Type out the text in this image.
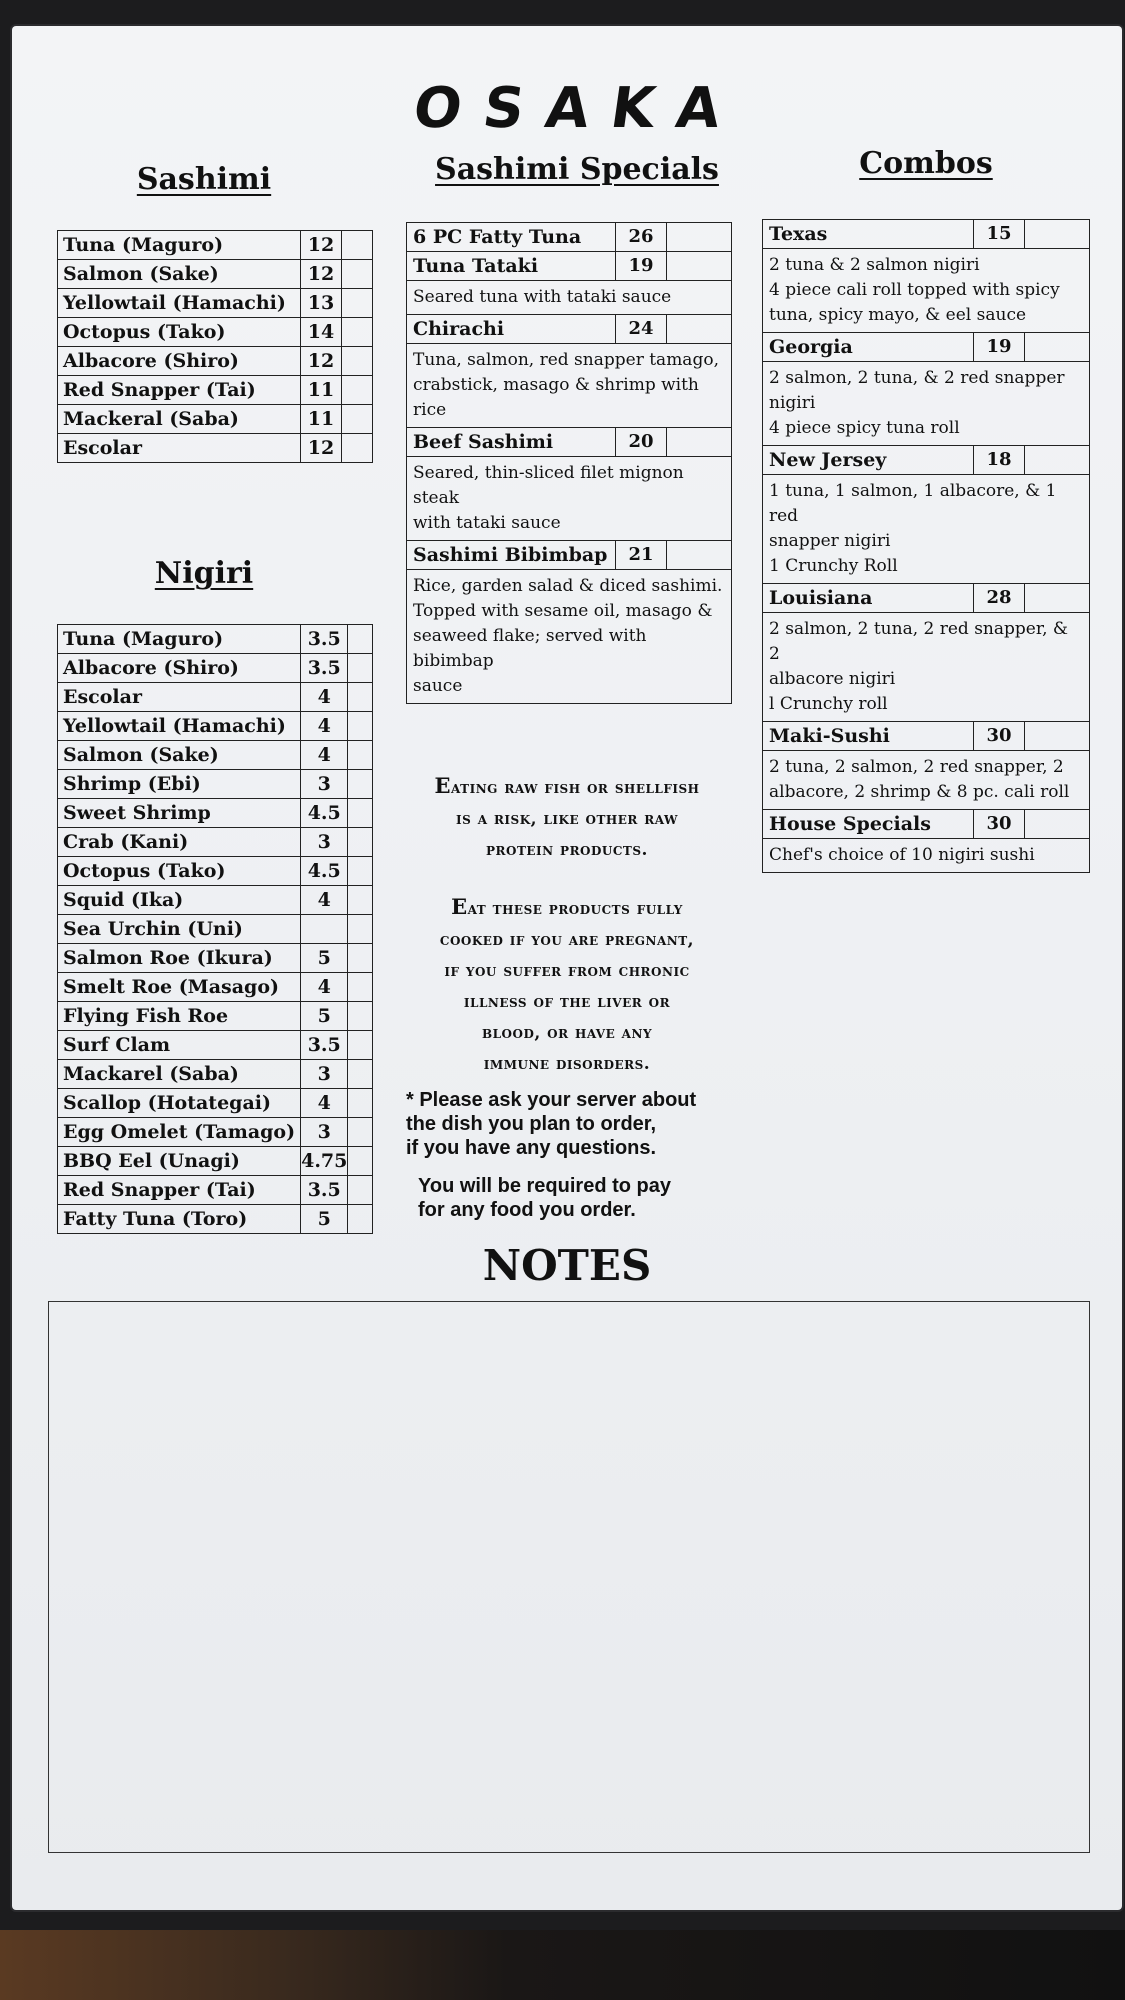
OSAKA
Sashimi
Tuna (Maguro)	12	
Salmon (Sake)	12	
Yellowtail (Hamachi)	13	
Octopus (Tako)	14	
Albacore (Shiro)	12	
Red Snapper (Tai)	11	
Mackeral (Saba)	11	
Escolar	12	
Nigiri
Tuna (Maguro)	3.5	
Albacore (Shiro)	3.5	
Escolar	4	
Yellowtail (Hamachi)	4	
Salmon (Sake)	4	
Shrimp (Ebi)	3	
Sweet Shrimp	4.5	
Crab (Kani)	3	
Octopus (Tako)	4.5	
Squid (Ika)	4	
Sea Urchin (Uni)		
Salmon Roe (Ikura)	5	
Smelt Roe (Masago)	4	
Flying Fish Roe	5	
Surf Clam	3.5	
Mackarel (Saba)	3	
Scallop (Hotategai)	4	
Egg Omelet (Tamago)	3	
BBQ Eel (Unagi)	4.75	
Red Snapper (Tai)	3.5	
Fatty Tuna (Toro)	5	
Sashimi Specials
6 PC Fatty Tuna	26
Tuna Tataki	19
Seared tuna with tataki sauce
Chirachi	24
Tuna, salmon, red snapper tamago,
crabstick, masago & shrimp with
rice
Beef Sashimi	20
Seared, thin-sliced filet mignon steak
with tataki sauce
Sashimi Bibimbap	21
Rice, garden salad & diced sashimi.
Topped with sesame oil, masago &
seaweed flake; served with bibimbap
sauce
Combos
Texas	15
2 tuna & 2 salmon nigiri
4 piece cali roll topped with spicy
tuna, spicy mayo, & eel sauce
Georgia	19
2 salmon, 2 tuna, & 2 red snapper
nigiri
4 piece spicy tuna roll
New Jersey	18
1 tuna, 1 salmon, 1 albacore, & 1 red
snapper nigiri
1 Crunchy Roll
Louisiana	28
2 salmon, 2 tuna, 2 red snapper, & 2
albacore nigiri
l Crunchy roll
Maki-Sushi	30
2 tuna, 2 salmon, 2 red snapper, 2
albacore, 2 shrimp & 8 pc. cali roll
House Specials	30
Chef's choice of 10 nigiri sushi
Eating raw fish or shellfish
is a risk, like other raw
protein products.
Eat these products fully
cooked if you are pregnant,
if you suffer from chronic
illness of the liver or
blood, or have any
immune disorders.
* Please ask your server about
the dish you plan to order,
if you have any questions.
You will be required to pay
for any food you order.
NOTES
